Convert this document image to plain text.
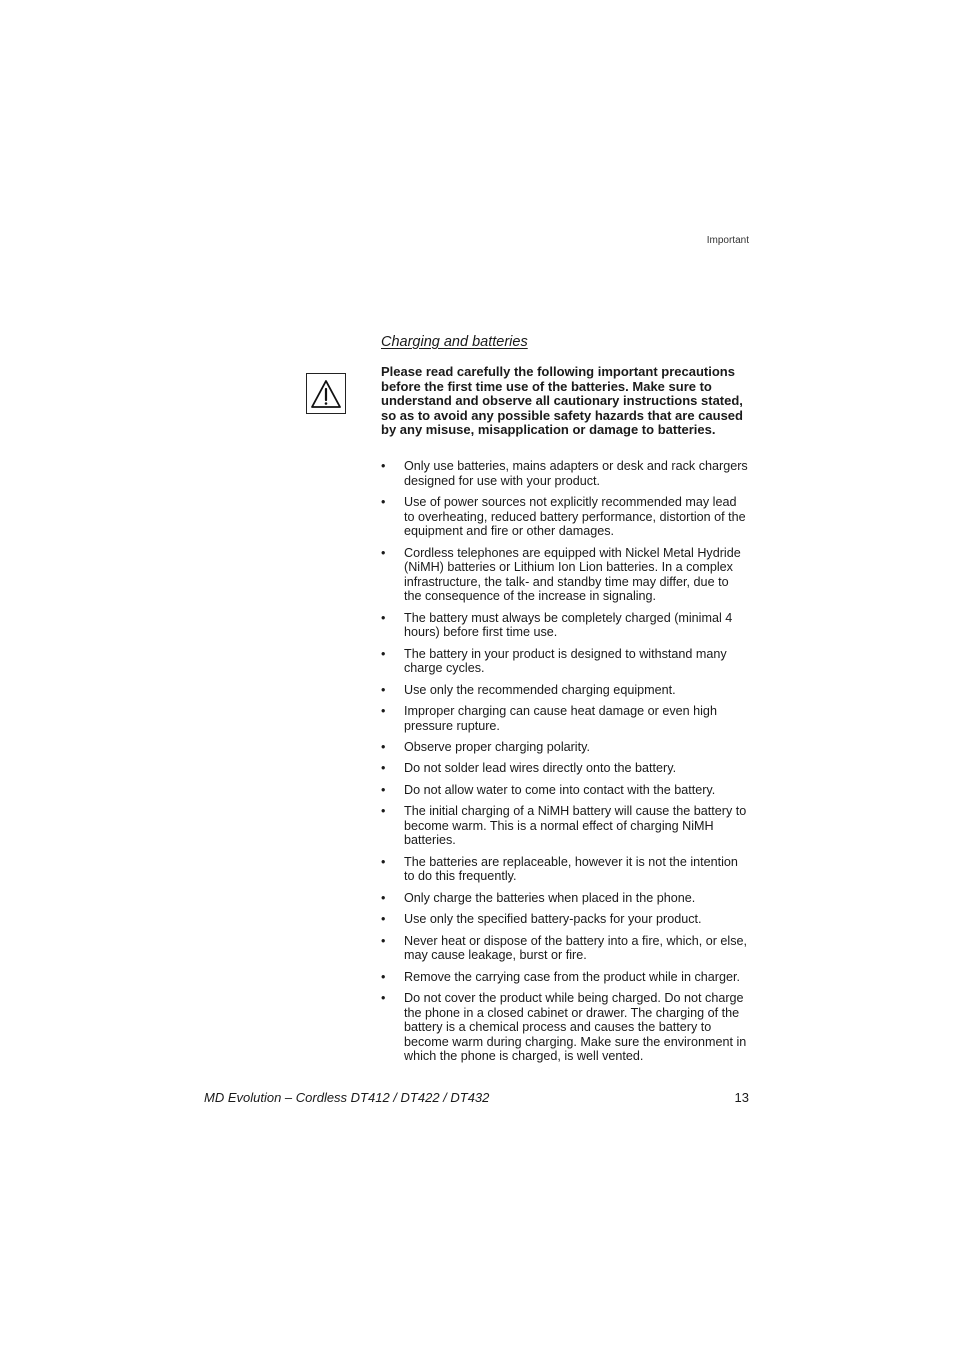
Important
Charging and batteries

Please read carefully the following important precautions before the first time use of the batteries. Make sure to understand and observe all cautionary instructions stated, so as to avoid any possible safety hazards that are caused by any misuse, misapplication or damage to batteries.

• Only use batteries, mains adapters or desk and rack chargers designed for use with your product.
• Use of power sources not explicitly recommended may lead to overheating, reduced battery performance, distortion of the equipment and fire or other damages.
• Cordless telephones are equipped with Nickel Metal Hydride (NiMH) batteries or Lithium Ion Lion batteries. In a complex infrastructure, the talk- and standby time may differ, due to the consequence of the increase in signaling.
• The battery must always be completely charged (minimal 4 hours) before first time use.
• The battery in your product is designed to withstand many charge cycles.
• Use only the recommended charging equipment.
• Improper charging can cause heat damage or even high pressure rupture.
• Observe proper charging polarity.
• Do not solder lead wires directly onto the battery.
• Do not allow water to come into contact with the battery.
• The initial charging of a NiMH battery will cause the battery to become warm. This is a normal effect of charging NiMH batteries.
• The batteries are replaceable, however it is not the intention to do this frequently.
• Only charge the batteries when placed in the phone.
• Use only the specified battery-packs for your product.
• Never heat or dispose of the battery into a fire, which, or else, may cause leakage, burst or fire.
• Remove the carrying case from the product while in charger.
• Do not cover the product while being charged. Do not charge the phone in a closed cabinet or drawer. The charging of the battery is a chemical process and causes the battery to become warm during charging. Make sure the environment in which the phone is charged, is well vented.
MD Evolution – Cordless DT412 / DT422 / DT432	13
